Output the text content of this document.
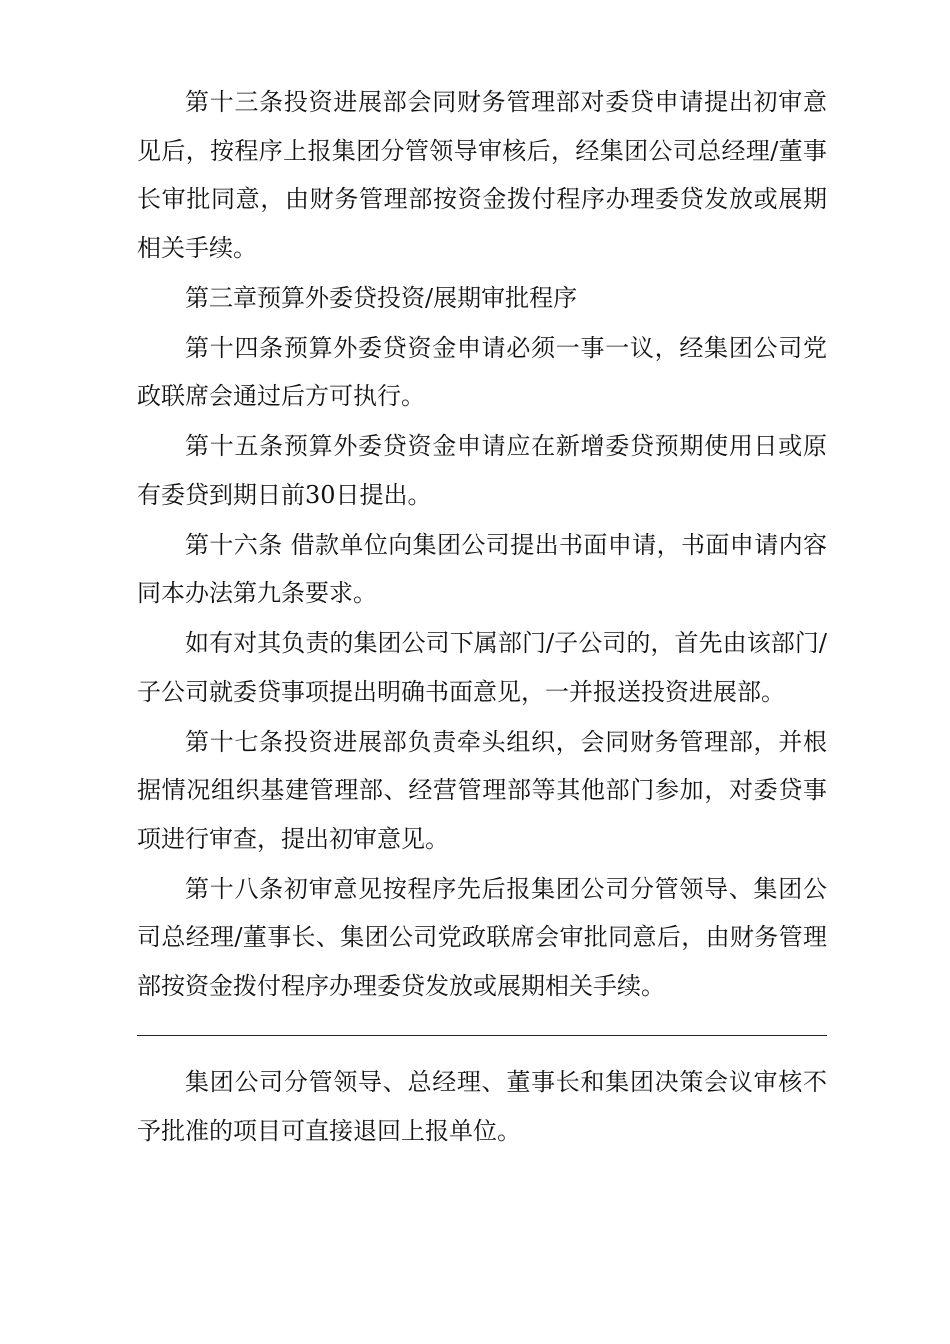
第十三条投资进展部会同财务管理部对委贷申请提出初审意见后，按程序上报集团分管领导审核后，经集团公司总经理/董事长审批同意，由财务管理部按资金拨付程序办理委贷发放或展期相关手续。

第三章预算外委贷投资/展期审批程序

第十四条预算外委贷资金申请必须一事一议，经集团公司党政联席会通过后方可执行。

第十五条预算外委贷资金申请应在新增委贷预期使用日或原有委贷到期日前30日提出。

第十六条 借款单位向集团公司提出书面申请，书面申请内容同本办法第九条要求。

如有对其负责的集团公司下属部门/子公司的，首先由该部门/子公司就委贷事项提出明确书面意见，一并报送投资进展部。

第十七条投资进展部负责牵头组织，会同财务管理部，并根据情况组织基建管理部、经营管理部等其他部门参加，对委贷事项进行审查，提出初审意见。

第十八条初审意见按程序先后报集团公司分管领导、集团公司总经理/董事长、集团公司党政联席会审批同意后，由财务管理部按资金拨付程序办理委贷发放或展期相关手续。

集团公司分管领导、总经理、董事长和集团决策会议审核不予批准的项目可直接退回上报单位。
